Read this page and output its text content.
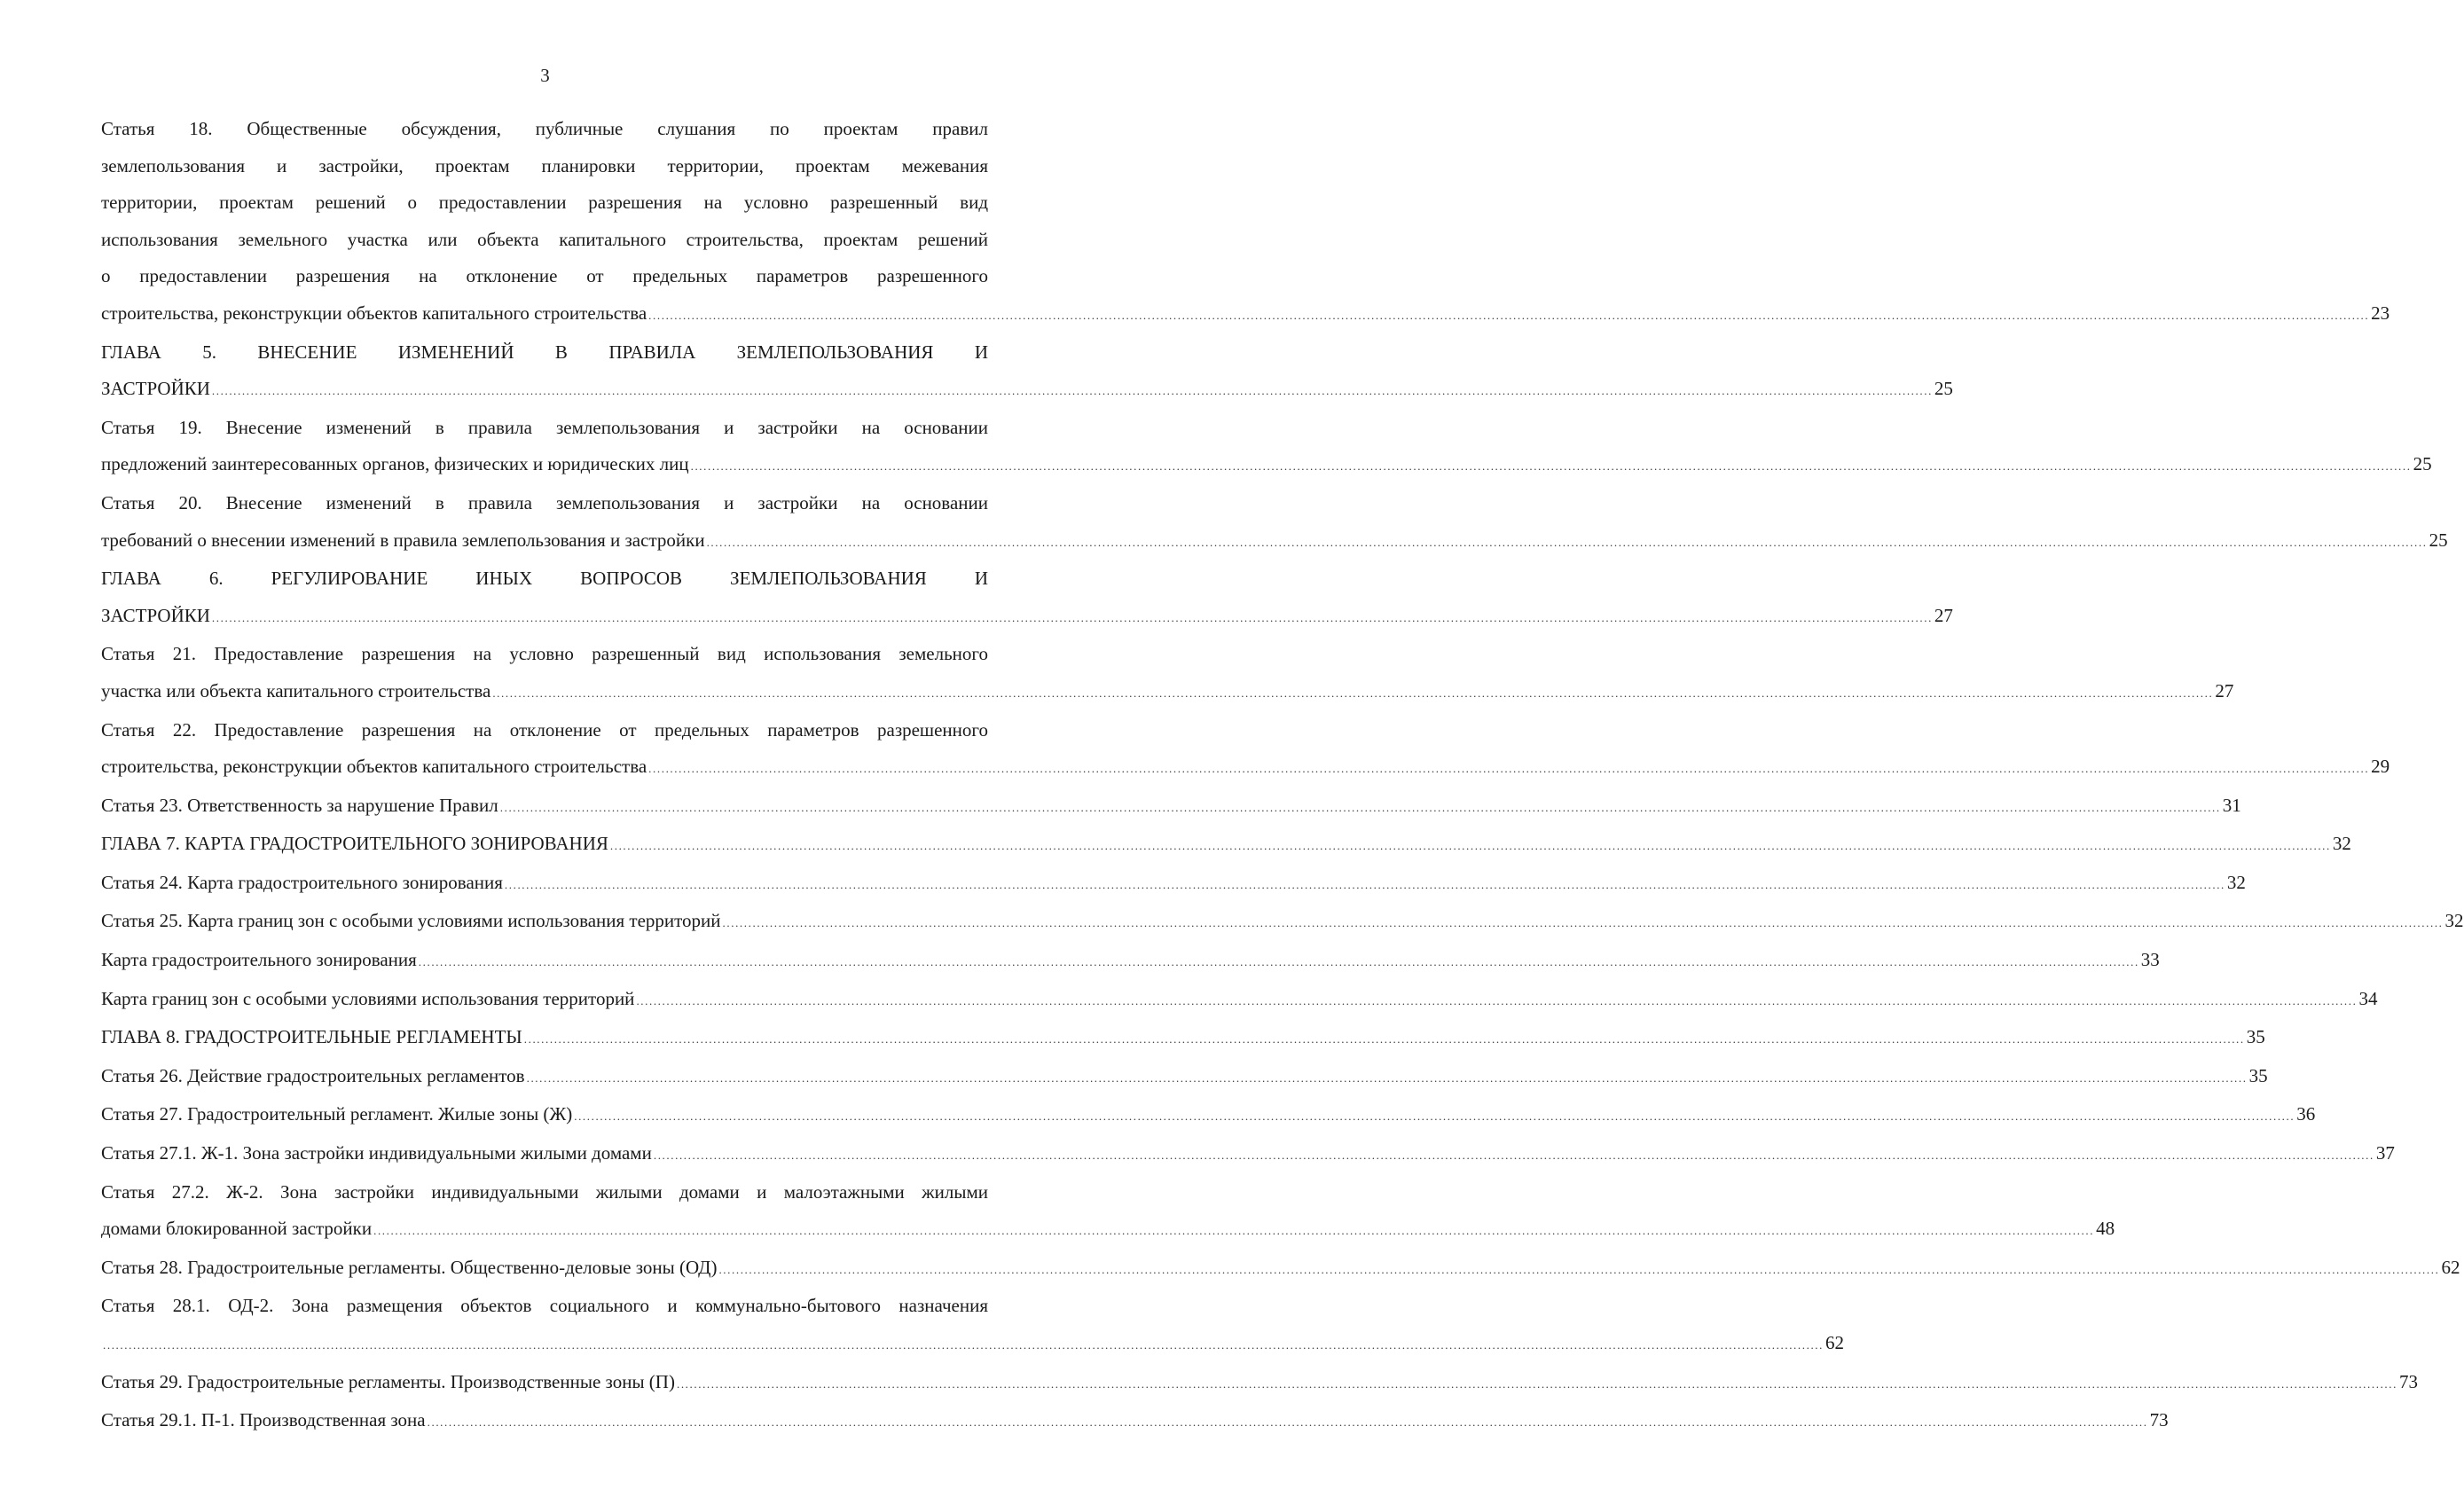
3
Статья 18. Общественные обсуждения, публичные слушания по проектам правил
землепользования и застройки, проектам планировки территории, проектам межевания
территории, проектам решений о предоставлении разрешения на условно разрешенный вид
использования земельного участка или объекта капитального строительства, проектам решений
о предоставлении разрешения на отклонение от предельных параметров разрешенного
строительства, реконструкции объектов капитального строительства ................................................................................................................................................................................................................................................................................................................................................................................................................ 23
ГЛАВА 5. ВНЕСЕНИЕ ИЗМЕНЕНИЙ В ПРАВИЛА ЗЕМЛЕПОЛЬЗОВАНИЯ И
ЗАСТРОЙКИ ................................................................................................................................................................................................................................................................................................................................................................................................................ 25
Статья 19. Внесение изменений в правила землепользования и застройки на основании
предложений заинтересованных органов, физических и юридических лиц ................................................................................................................................................................................................................................................................................................................................................................................................................ 25
Статья 20. Внесение изменений в правила землепользования и застройки на основании
требований о внесении изменений в правила землепользования и застройки ................................................................................................................................................................................................................................................................................................................................................................................................................ 25
ГЛАВА 6. РЕГУЛИРОВАНИЕ ИНЫХ ВОПРОСОВ ЗЕМЛЕПОЛЬЗОВАНИЯ И
ЗАСТРОЙКИ ................................................................................................................................................................................................................................................................................................................................................................................................................ 27
Статья 21. Предоставление разрешения на условно разрешенный вид использования земельного
участка или объекта капитального строительства ................................................................................................................................................................................................................................................................................................................................................................................................................ 27
Статья 22. Предоставление разрешения на отклонение от предельных параметров разрешенного
строительства, реконструкции объектов капитального строительства ................................................................................................................................................................................................................................................................................................................................................................................................................ 29
Статья 23. Ответственность за нарушение Правил ................................................................................................................................................................................................................................................................................................................................................................................................................ 31
ГЛАВА 7. КАРТА ГРАДОСТРОИТЕЛЬНОГО ЗОНИРОВАНИЯ ................................................................................................................................................................................................................................................................................................................................................................................................................ 32
Статья 24. Карта градостроительного зонирования ................................................................................................................................................................................................................................................................................................................................................................................................................ 32
Статья 25. Карта границ зон с особыми условиями использования территорий ................................................................................................................................................................................................................................................................................................................................................................................................................ 32
Карта градостроительного зонирования ................................................................................................................................................................................................................................................................................................................................................................................................................ 33
Карта границ зон с особыми условиями использования территорий ................................................................................................................................................................................................................................................................................................................................................................................................................ 34
ГЛАВА 8. ГРАДОСТРОИТЕЛЬНЫЕ РЕГЛАМЕНТЫ ................................................................................................................................................................................................................................................................................................................................................................................................................ 35
Статья 26. Действие градостроительных регламентов ................................................................................................................................................................................................................................................................................................................................................................................................................ 35
Статья 27. Градостроительный регламент. Жилые зоны (Ж) ................................................................................................................................................................................................................................................................................................................................................................................................................ 36
Статья 27.1. Ж-1. Зона застройки индивидуальными жилыми домами ................................................................................................................................................................................................................................................................................................................................................................................................................ 37
Статья 27.2. Ж-2. Зона застройки индивидуальными жилыми домами и малоэтажными жилыми
домами блокированной застройки ................................................................................................................................................................................................................................................................................................................................................................................................................ 48
Статья 28. Градостроительные регламенты. Общественно-деловые зоны (ОД) ................................................................................................................................................................................................................................................................................................................................................................................................................ 62
Статья 28.1. ОД-2. Зона размещения объектов социального и коммунально-бытового назначения
................................................................................................................................................................................................................................................................................................................................................................................................................ 62
Статья 29. Градостроительные регламенты. Производственные зоны (П) ................................................................................................................................................................................................................................................................................................................................................................................................................ 73
Статья 29.1. П-1. Производственная зона ................................................................................................................................................................................................................................................................................................................................................................................................................ 73
